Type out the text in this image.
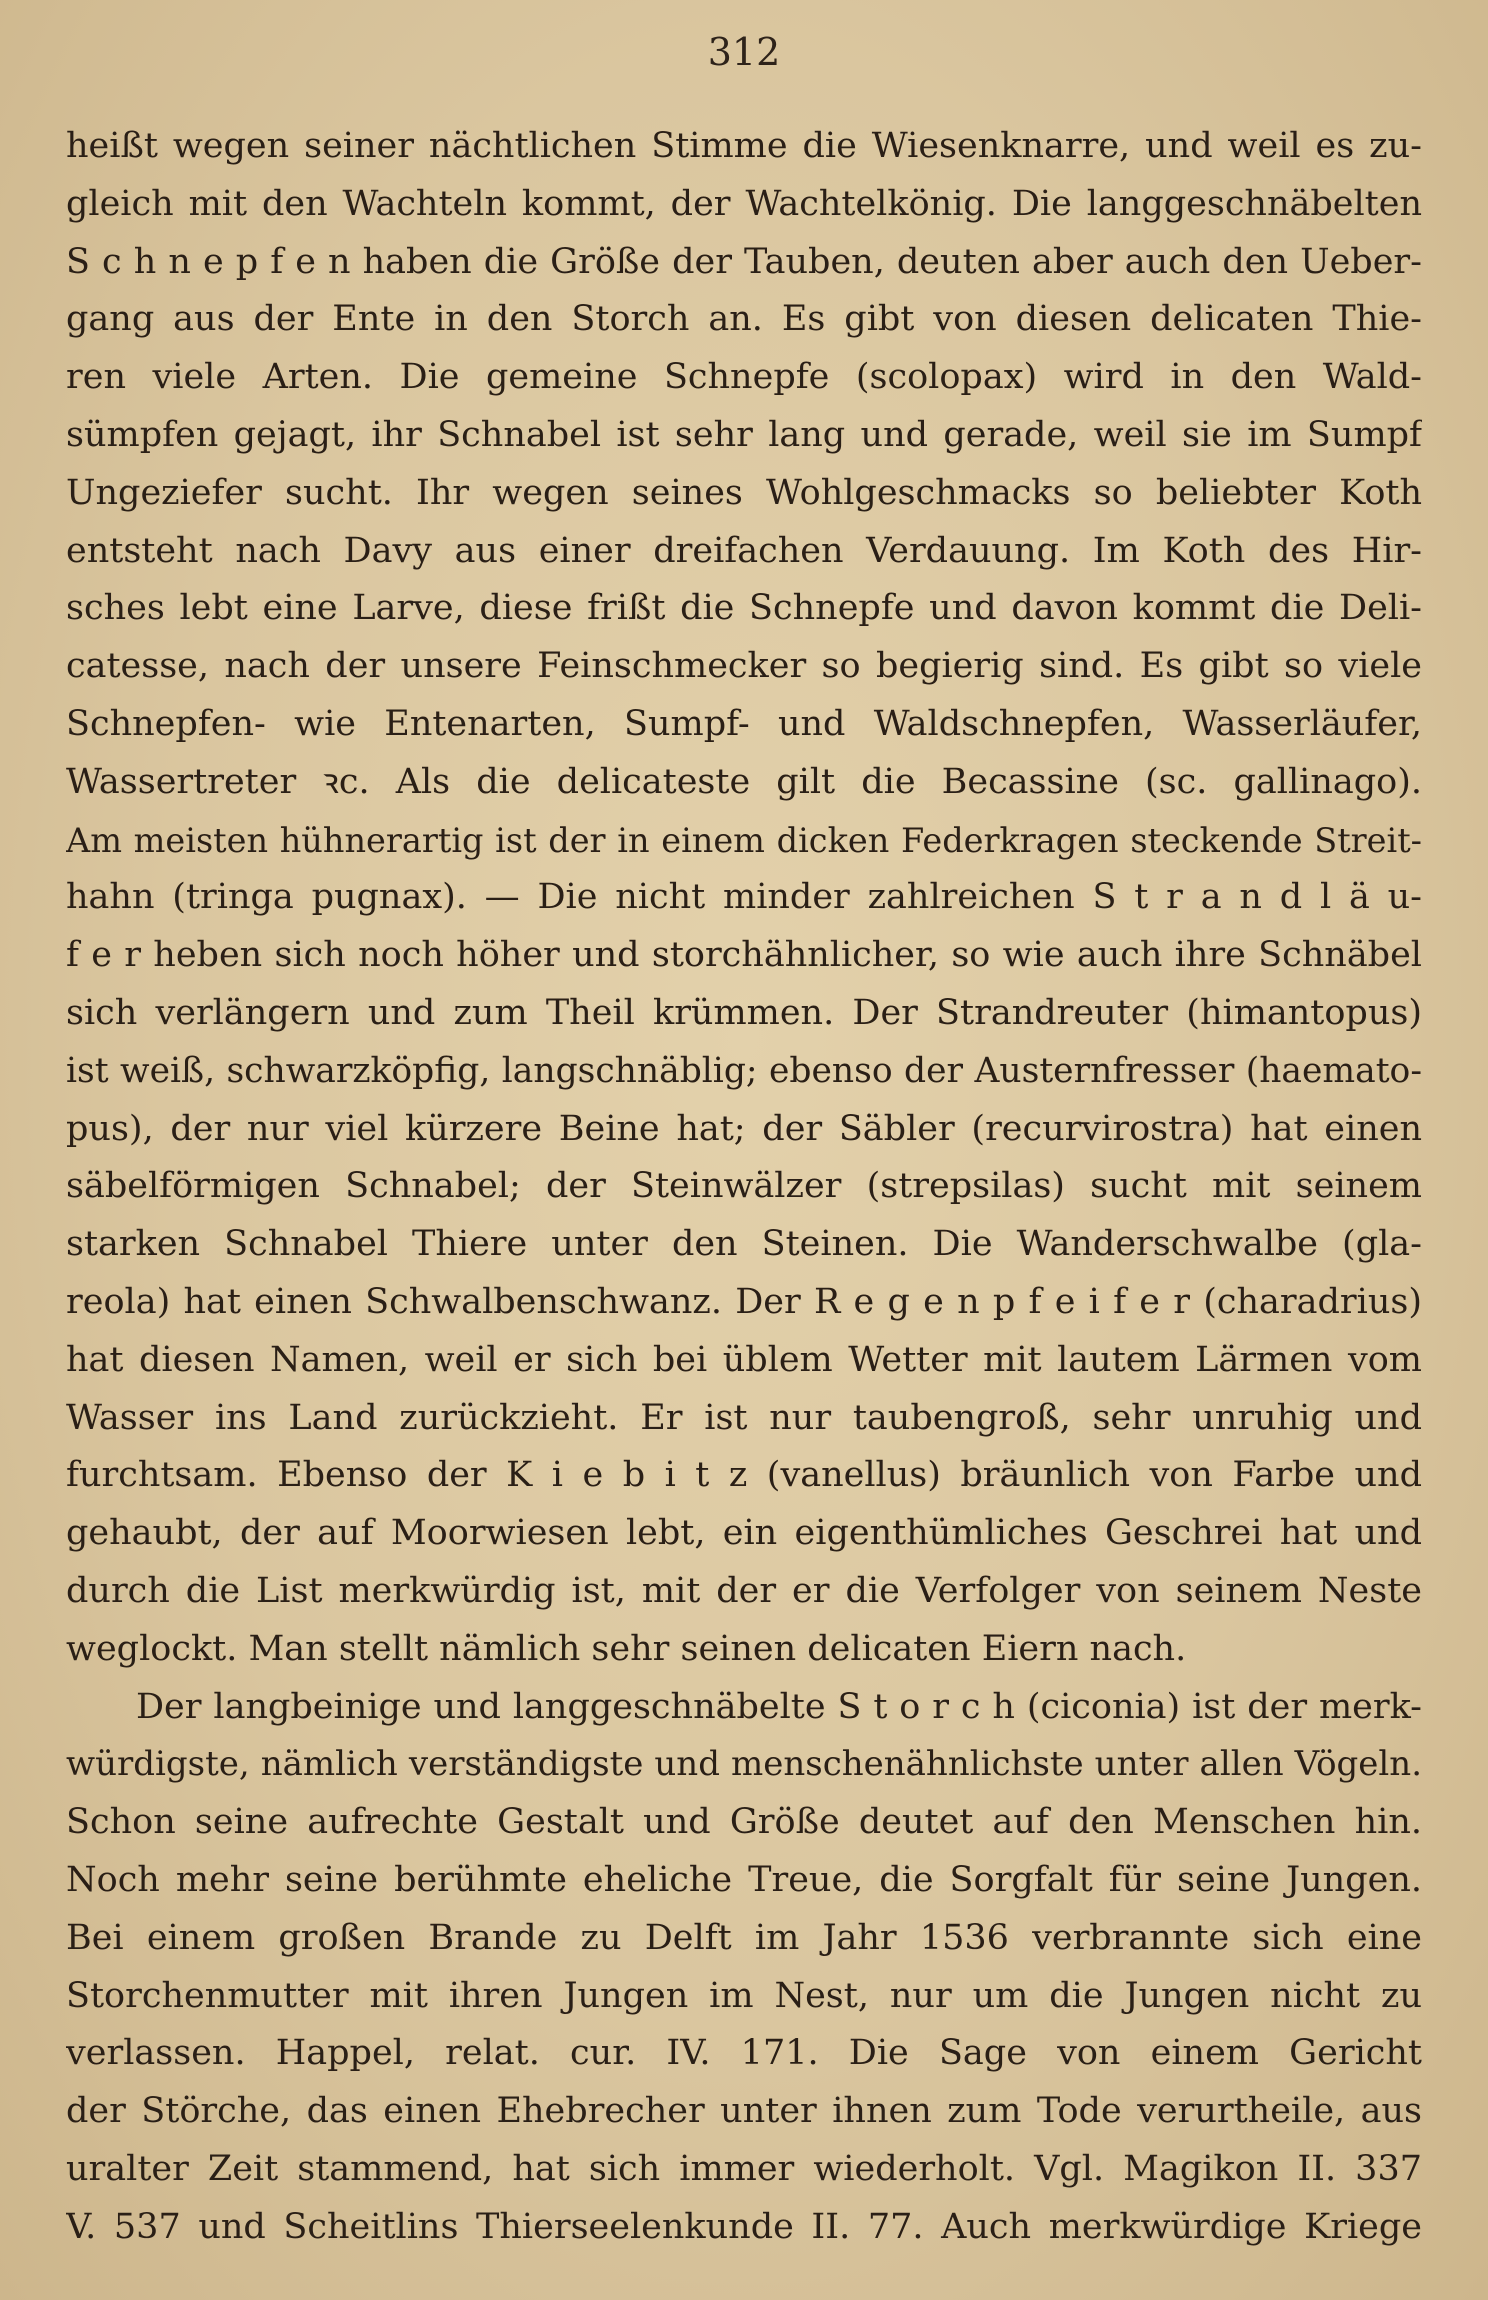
312
heißt wegen seiner nächtlichen Stimme die Wiesenknarre, und weil es zu-
gleich mit den Wachteln kommt, der Wachtelkönig. Die langgeschnäbelten
S c h n e p f e n haben die Größe der Tauben, deuten aber auch den Ueber-
gang aus der Ente in den Storch an. Es gibt von diesen delicaten Thie-
ren viele Arten. Die gemeine Schnepfe (scolopax) wird in den Wald-
sümpfen gejagt, ihr Schnabel ist sehr lang und gerade, weil sie im Sumpf
Ungeziefer sucht. Ihr wegen seines Wohlgeschmacks so beliebter Koth
entsteht nach Davy aus einer dreifachen Verdauung. Im Koth des Hir-
sches lebt eine Larve, diese frißt die Schnepfe und davon kommt die Deli-
catesse, nach der unsere Feinschmecker so begierig sind. Es gibt so viele
Schnepfen- wie Entenarten, Sumpf- und Waldschnepfen, Wasserläufer,
Wassertreter ꝛc. Als die delicateste gilt die Becassine (sc. gallinago).
Am meisten hühnerartig ist der in einem dicken Federkragen steckende Streit-
hahn (tringa pugnax). — Die nicht minder zahlreichen S t r a n d l ä u-
f e r heben sich noch höher und storchähnlicher, so wie auch ihre Schnäbel
sich verlängern und zum Theil krümmen. Der Strandreuter (himantopus)
ist weiß, schwarzköpfig, langschnäblig; ebenso der Austernfresser (haemato-
pus), der nur viel kürzere Beine hat; der Säbler (recurvirostra) hat einen
säbelförmigen Schnabel; der Steinwälzer (strepsilas) sucht mit seinem
starken Schnabel Thiere unter den Steinen. Die Wanderschwalbe (gla-
reola) hat einen Schwalbenschwanz. Der R e g e n p f e i f e r (charadrius)
hat diesen Namen, weil er sich bei üblem Wetter mit lautem Lärmen vom
Wasser ins Land zurückzieht. Er ist nur taubengroß, sehr unruhig und
furchtsam. Ebenso der K i e b i t z (vanellus) bräunlich von Farbe und
gehaubt, der auf Moorwiesen lebt, ein eigenthümliches Geschrei hat und
durch die List merkwürdig ist, mit der er die Verfolger von seinem Neste
weglockt. Man stellt nämlich sehr seinen delicaten Eiern nach.
Der langbeinige und langgeschnäbelte S t o r c h (ciconia) ist der merk-
würdigste, nämlich verständigste und menschenähnlichste unter allen Vögeln.
Schon seine aufrechte Gestalt und Größe deutet auf den Menschen hin.
Noch mehr seine berühmte eheliche Treue, die Sorgfalt für seine Jungen.
Bei einem großen Brande zu Delft im Jahr 1536 verbrannte sich eine
Storchenmutter mit ihren Jungen im Nest, nur um die Jungen nicht zu
verlassen. Happel, relat. cur. IV. 171. Die Sage von einem Gericht
der Störche, das einen Ehebrecher unter ihnen zum Tode verurtheile, aus
uralter Zeit stammend, hat sich immer wiederholt. Vgl. Magikon II. 337
V. 537 und Scheitlins Thierseelenkunde II. 77. Auch merkwürdige Kriege
